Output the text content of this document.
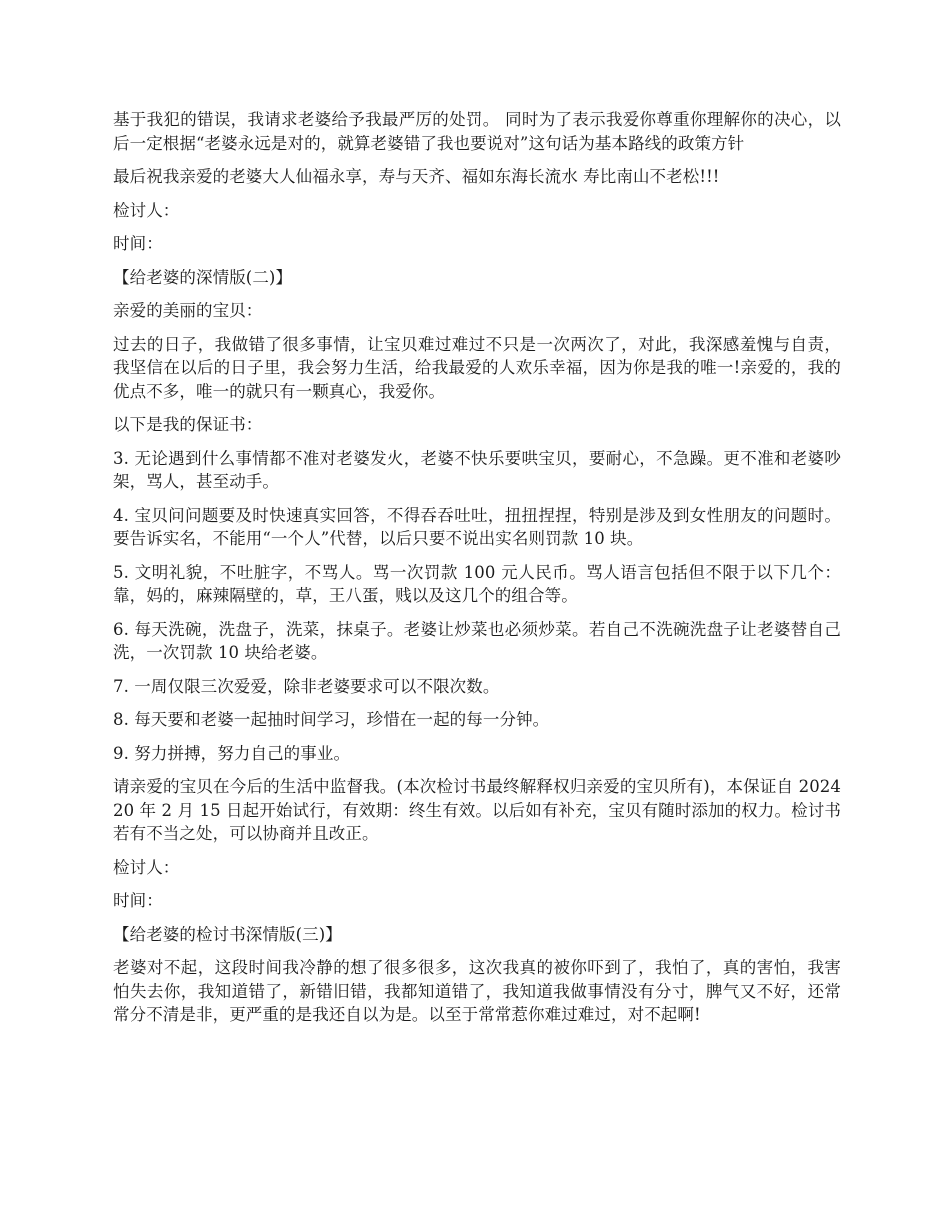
基于我犯的错误，我请求老婆给予我最严厉的处罚。 同时为了表示我爱你尊重你理解你的决心，以后一定根据“老婆永远是对的，就算老婆错了我也要说对”这句话为基本路线的政策方针

最后祝我亲爱的老婆大人仙福永享，寿与天齐、福如东海长流水 寿比南山不老松!!!

检讨人：

时间：

【给老婆的深情版(二)】

亲爱的美丽的宝贝：

过去的日子，我做错了很多事情，让宝贝难过难过不只是一次两次了，对此，我深感羞愧与自责，我坚信在以后的日子里，我会努力生活，给我最爱的人欢乐幸福，因为你是我的唯一!亲爱的，我的优点不多，唯一的就只有一颗真心，我爱你。

以下是我的保证书：

3. 无论遇到什么事情都不准对老婆发火，老婆不快乐要哄宝贝，要耐心，不急躁。更不准和老婆吵架，骂人，甚至动手。

4. 宝贝问问题要及时快速真实回答，不得吞吞吐吐，扭扭捏捏，特别是涉及到女性朋友的问题时。要告诉实名，不能用“一个人”代替，以后只要不说出实名则罚款 10 块。

5. 文明礼貌，不吐脏字，不骂人。骂一次罚款 100 元人民币。骂人语言包括但不限于以下几个：靠，妈的，麻辣隔壁的，草，王八蛋，贱以及这几个的组合等。

6. 每天洗碗，洗盘子，洗菜，抹桌子。老婆让炒菜也必须炒菜。若自己不洗碗洗盘子让老婆替自己洗，一次罚款 10 块给老婆。

7. 一周仅限三次爱爱，除非老婆要求可以不限次数。

8. 每天要和老婆一起抽时间学习，珍惜在一起的每一分钟。

9. 努力拼搏，努力自己的事业。

请亲爱的宝贝在今后的生活中监督我。(本次检讨书最终解释权归亲爱的宝贝所有)，本保证自 202420 年 2 月 15 日起开始试行，有效期：终生有效。以后如有补充，宝贝有随时添加的权力。检讨书若有不当之处，可以协商并且改正。

检讨人：

时间：

【给老婆的检讨书深情版(三)】

老婆对不起，这段时间我冷静的想了很多很多，这次我真的被你吓到了，我怕了，真的害怕，我害怕失去你，我知道错了，新错旧错，我都知道错了，我知道我做事情没有分寸，脾气又不好，还常常分不清是非，更严重的是我还自以为是。以至于常常惹你难过难过，对不起啊!
